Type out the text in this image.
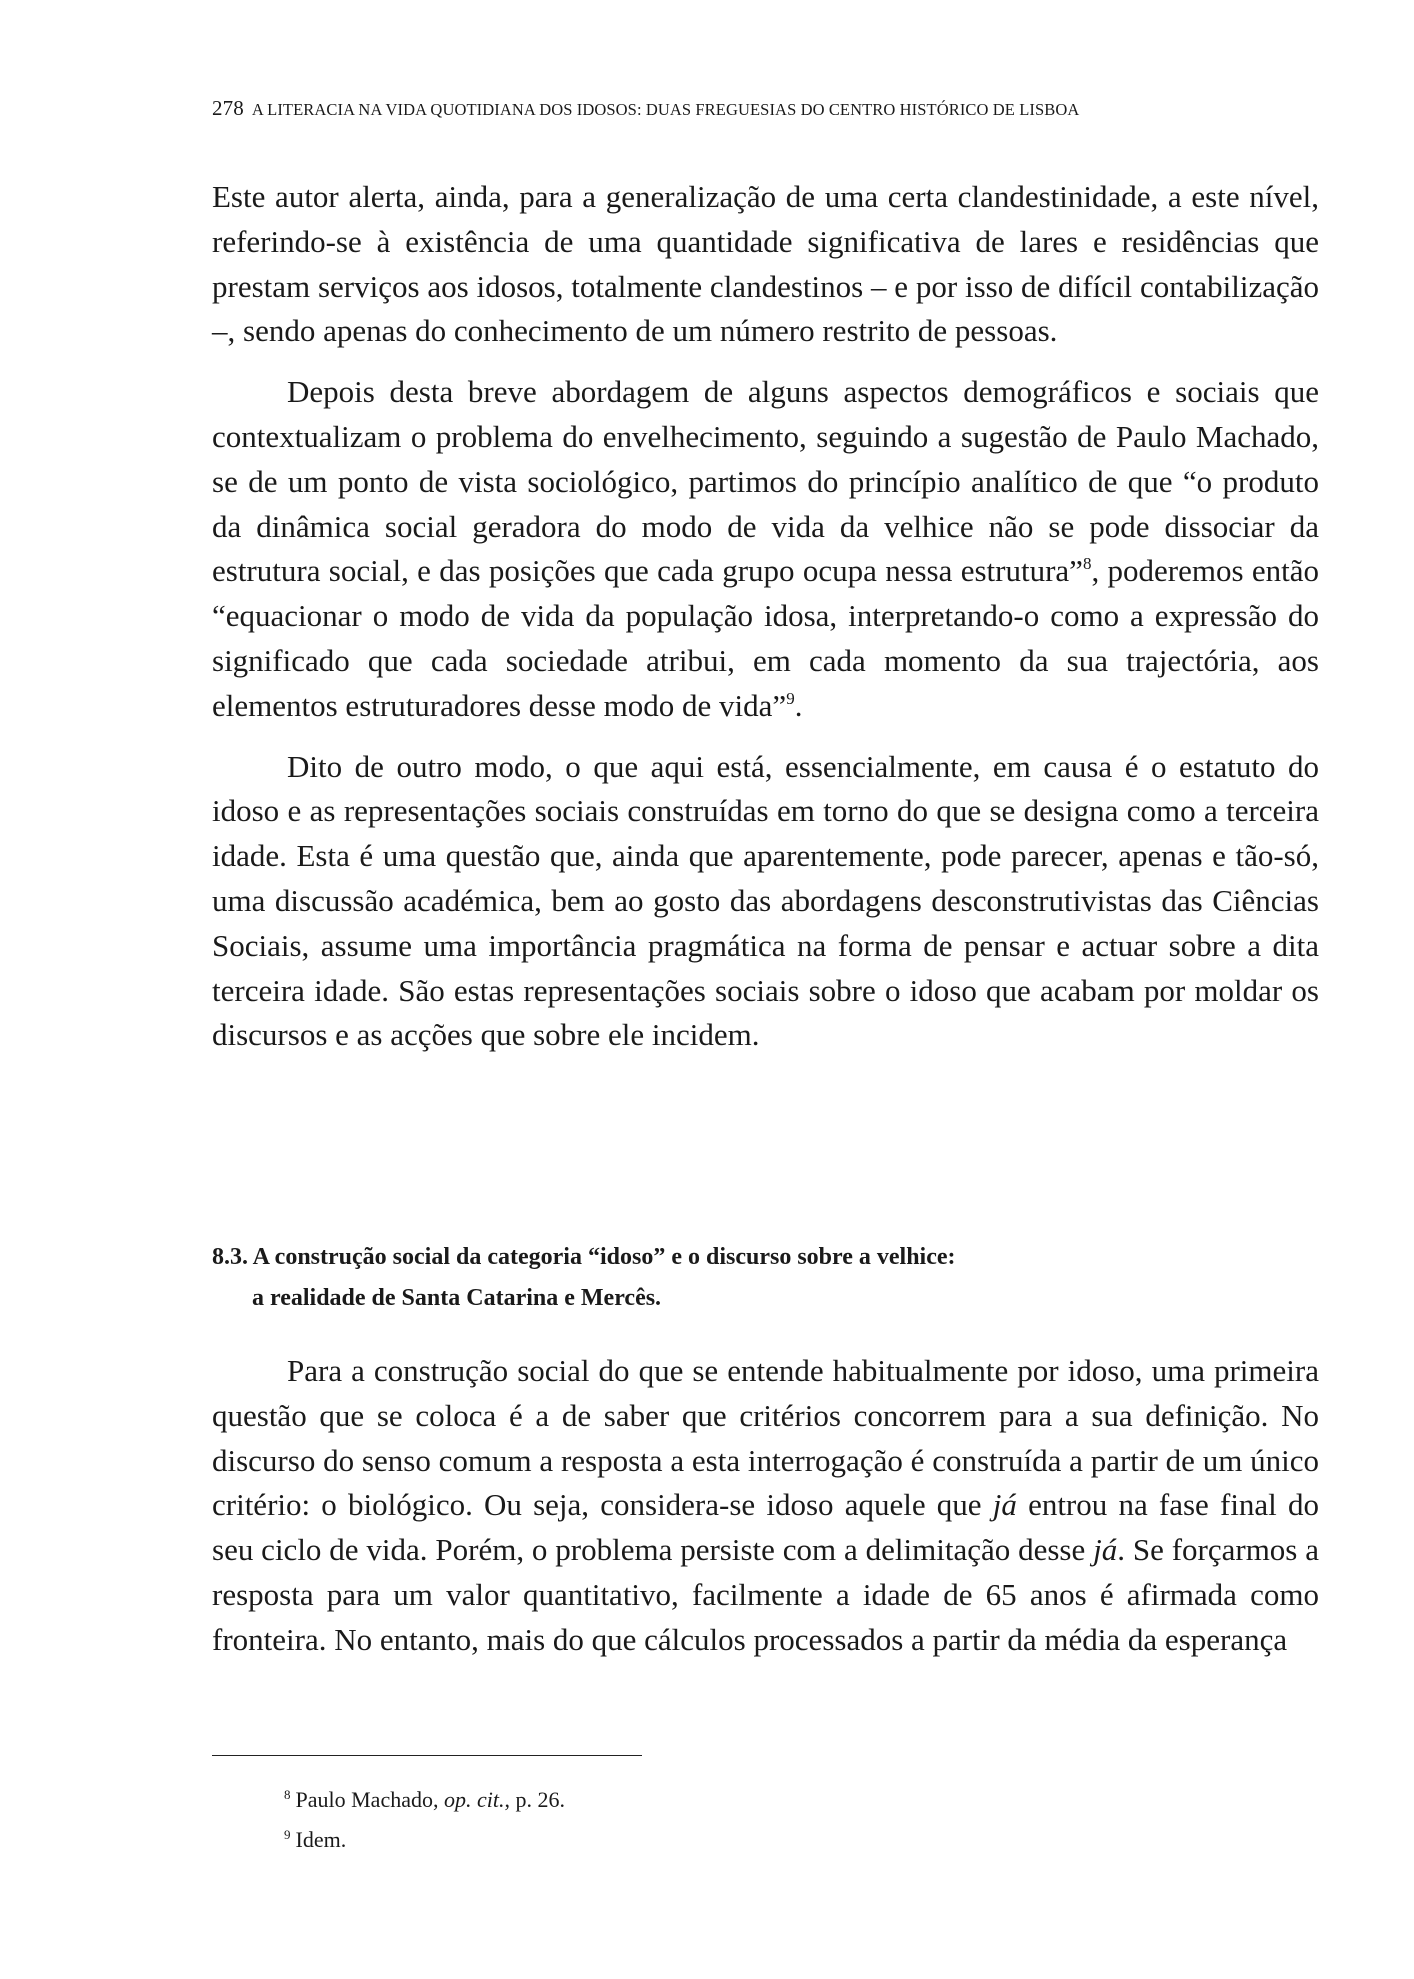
278 A LITERACIA NA VIDA QUOTIDIANA DOS IDOSOS: DUAS FREGUESIAS DO CENTRO HISTÓRICO DE LISBOA

Este autor alerta, ainda, para a generalização de uma certa clandestinidade, a este nível, referindo-se à existência de uma quantidade significativa de lares e residências que prestam serviços aos idosos, totalmente clandestinos – e por isso de difícil contabilização –, sendo apenas do conhecimento de um número restrito de pessoas.

Depois desta breve abordagem de alguns aspectos demográficos e sociais que contextualizam o problema do envelhecimento, seguindo a sugestão de Paulo Machado, se de um ponto de vista sociológico, partimos do princípio analítico de que “o produto da dinâmica social geradora do modo de vida da velhice não se pode dissociar da estrutura social, e das posições que cada grupo ocupa nessa estrutura”$^8$, poderemos então “equacionar o modo de vida da população idosa, interpretando-o como a expressão do significado que cada sociedade atribui, em cada momento da sua trajectória, aos elementos estruturadores desse modo de vida”$^9$.

Dito de outro modo, o que aqui está, essencialmente, em causa é o estatuto do idoso e as representações sociais construídas em torno do que se designa como a terceira idade. Esta é uma questão que, ainda que aparentemente, pode parecer, apenas e tão-só, uma discussão académica, bem ao gosto das abordagens desconstrutivistas das Ciências Sociais, assume uma importância pragmática na forma de pensar e actuar sobre a dita terceira idade. São estas representações sociais sobre o idoso que acabam por moldar os discursos e as acções que sobre ele incidem.

8.3. A construção social da categoria “idoso” e o discurso sobre a velhice:
a realidade de Santa Catarina e Mercês.

Para a construção social do que se entende habitualmente por idoso, uma primeira questão que se coloca é a de saber que critérios concorrem para a sua definição. No discurso do senso comum a resposta a esta interrogação é construída a partir de um único critério: o biológico. Ou seja, considera-se idoso aquele que já entrou na fase final do seu ciclo de vida. Porém, o problema persiste com a delimitação desse já. Se forçarmos a resposta para um valor quantitativo, facilmente a idade de 65 anos é afirmada como fronteira. No entanto, mais do que cálculos processados a partir da média da esperança

$^8$ Paulo Machado, op. cit., p. 26.
$^9$ Idem.
